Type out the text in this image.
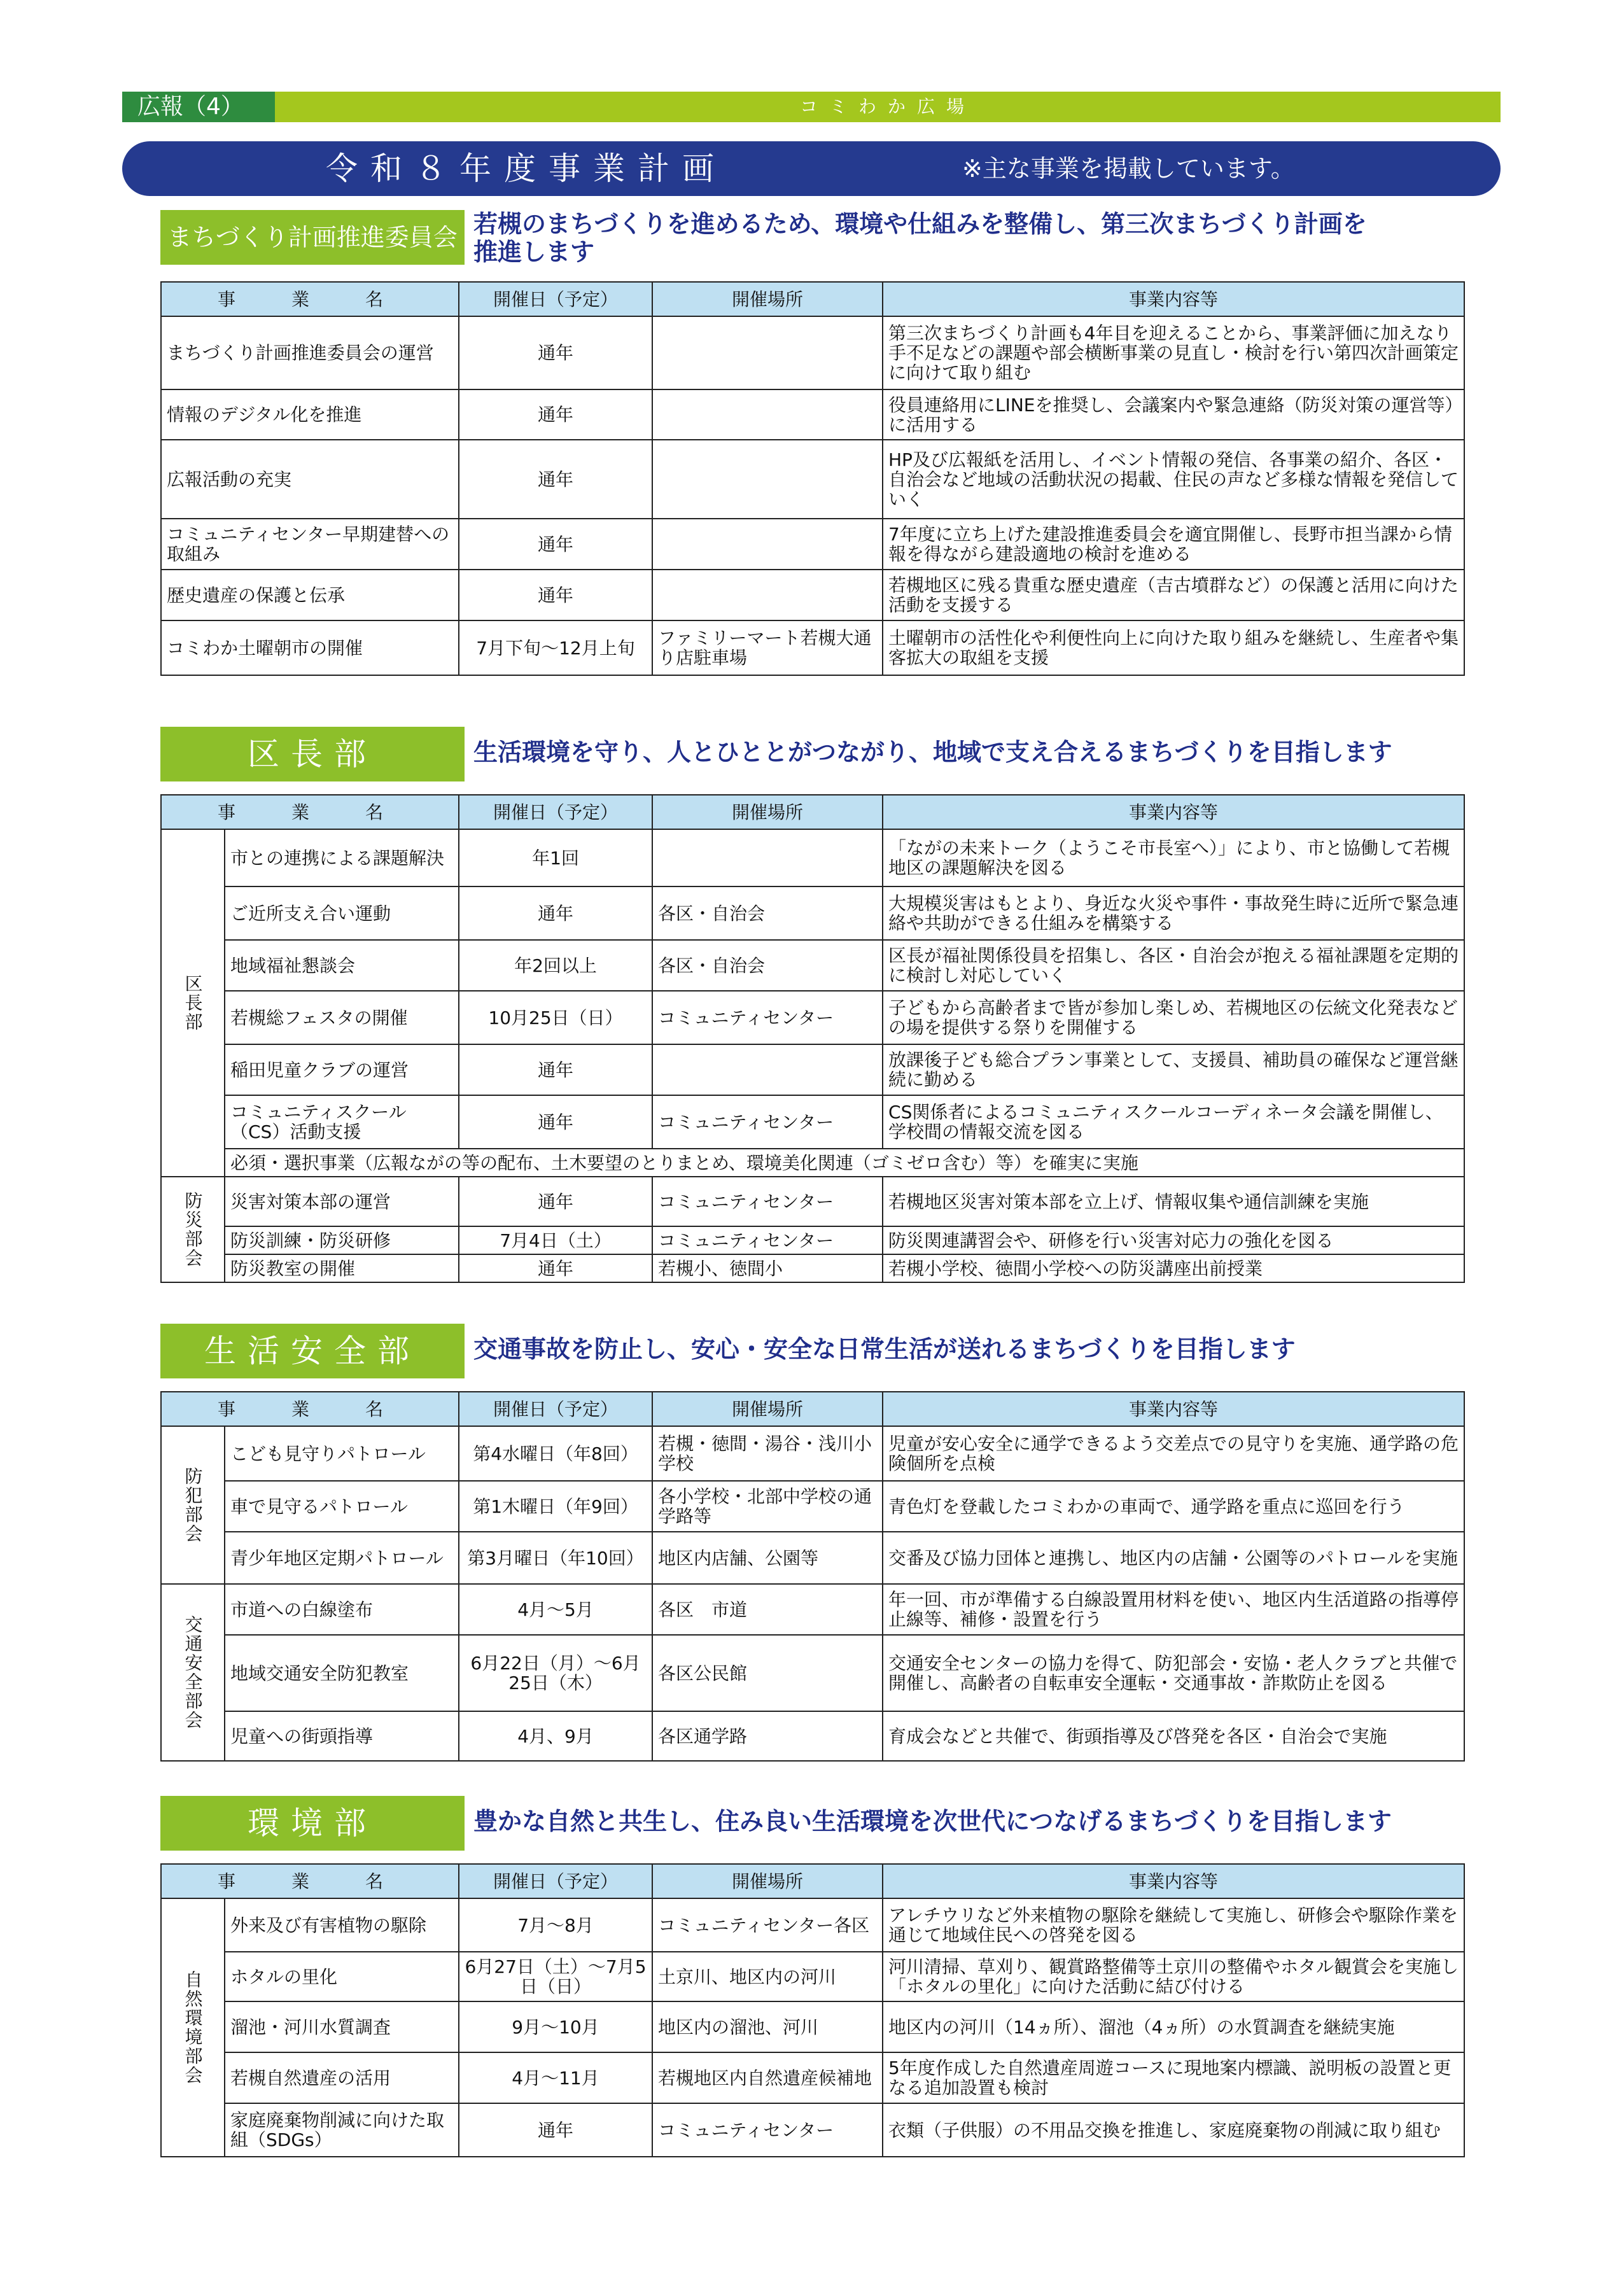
広報（4）	コミわか広場
令和８年度事業計画	※主な事業を掲載しています。
まちづくり計画推進委員会 若槻のまちづくりを進めるため、環境や仕組みを整備し、第三次まちづくり計画を
推進します
事　業　名	開催日（予定）	開催場所	事業内容等
まちづくり計画推進委員会の運営	通年		第三次まちづくり計画も4年目を迎えることから、事業評価に加えなり手不足などの課題や部会横断事業の見直し・検討を行い第四次計画策定に向けて取り組む
情報のデジタル化を推進	通年		役員連絡用にLINEを推奨し、会議案内や緊急連絡（防災対策の運営等）に活用する
広報活動の充実	通年		HP及び広報紙を活用し、イベント情報の発信、各事業の紹介、各区・自治会など地域の活動状況の掲載、住民の声など多様な情報を発信していく
コミュニティセンター早期建替への取組み	通年		7年度に立ち上げた建設推進委員会を適宜開催し、長野市担当課から情報を得ながら建設適地の検討を進める
歴史遺産の保護と伝承	通年		若槻地区に残る貴重な歴史遺産（吉古墳群など）の保護と活用に向けた活動を支援する
コミわか土曜朝市の開催	7月下旬～12月上旬	ファミリーマート若槻大通り店駐車場	土曜朝市の活性化や利便性向上に向けた取り組みを継続し、生産者や集客拡大の取組を支援
区長部	生活環境を守り、人とひととがつながり、地域で支え合えるまちづくりを目指します
事　業　名		開催日（予定）	開催場所	事業内容等
区長部	市との連携による課題解決	年1回		「ながの未来トーク（ようこそ市長室へ）」により、市と協働して若槻地区の課題解決を図る
	ご近所支え合い運動	通年	各区・自治会	大規模災害はもとより、身近な火災や事件・事故発生時に近所で緊急連絡や共助ができる仕組みを構築する
	地域福祉懇談会	年2回以上	各区・自治会	区長が福祉関係役員を招集し、各区・自治会が抱える福祉課題を定期的に検討し対応していく
	若槻総フェスタの開催	10月25日（日）	コミュニティセンター	子どもから高齢者まで皆が参加し楽しめ、若槻地区の伝統文化発表などの場を提供する祭りを開催する
	稲田児童クラブの運営	通年		放課後子ども総合プラン事業として、支援員、補助員の確保など運営継続に勤める
	コミュニティスクール（CS）活動支援	通年	コミュニティセンター	CS関係者によるコミュニティスクールコーディネータ会議を開催し、学校間の情報交流を図る
	必須・選択事業（広報ながの等の配布、土木要望のとりまとめ、環境美化関連（ゴミゼロ含む）等）を確実に実施			
防災部会	災害対策本部の運営	通年	コミュニティセンター	若槻地区災害対策本部を立上げ、情報収集や通信訓練を実施
	防災訓練・防災研修	7月4日（土）	コミュニティセンター	防災関連講習会や、研修を行い災害対応力の強化を図る
	防災教室の開催	通年	若槻小、徳間小	若槻小学校、徳間小学校への防災講座出前授業
生活安全部	交通事故を防止し、安心・安全な日常生活が送れるまちづくりを目指します
事　業　名		開催日（予定）	開催場所	事業内容等
防犯部会	こども見守りパトロール	第4水曜日（年8回）	若槻・徳間・湯谷・浅川小学校	児童が安心安全に通学できるよう交差点での見守りを実施、通学路の危険個所を点検
	車で見守るパトロール	第1木曜日（年9回）	各小学校・北部中学校の通学路等	青色灯を登載したコミわかの車両で、通学路を重点に巡回を行う
	青少年地区定期パトロール	第3月曜日（年10回）	地区内店舗、公園等	交番及び協力団体と連携し、地区内の店舗・公園等のパトロールを実施
交通安全部会	市道への白線塗布	4月～5月	各区　市道	年一回、市が準備する白線設置用材料を使い、地区内生活道路の指導停止線等、補修・設置を行う
	地域交通安全防犯教室	6月22日（月）～6月25日（木）	各区公民館	交通安全センターの協力を得て、防犯部会・安協・老人クラブと共催で開催し、高齢者の自転車安全運転・交通事故・詐欺防止を図る
	児童への街頭指導	4月、9月	各区通学路	育成会などと共催で、街頭指導及び啓発を各区・自治会で実施
環境部	豊かな自然と共生し、住み良い生活環境を次世代につなげるまちづくりを目指します
事　業　名		開催日（予定）	開催場所	事業内容等
自然環境部会	外来及び有害植物の駆除	7月～8月	コミュニティセンター各区	アレチウリなど外来植物の駆除を継続して実施し、研修会や駆除作業を通じて地域住民への啓発を図る
	ホタルの里化	6月27日（土）～7月5日（日）	土京川、地区内の河川	河川清掃、草刈り、観賞路整備等土京川の整備やホタル観賞会を実施し「ホタルの里化」に向けた活動に結び付ける
	溜池・河川水質調査	9月～10月	地区内の溜池、河川	地区内の河川（14ヵ所）、溜池（4ヵ所）の水質調査を継続実施
	若槻自然遺産の活用	4月～11月	若槻地区内自然遺産候補地	5年度作成した自然遺産周遊コースに現地案内標識、説明板の設置と更なる追加設置も検討
	家庭廃棄物削減に向けた取組（SDGs）	通年	コミュニティセンター	衣類（子供服）の不用品交換を推進し、家庭廃棄物の削減に取り組む
